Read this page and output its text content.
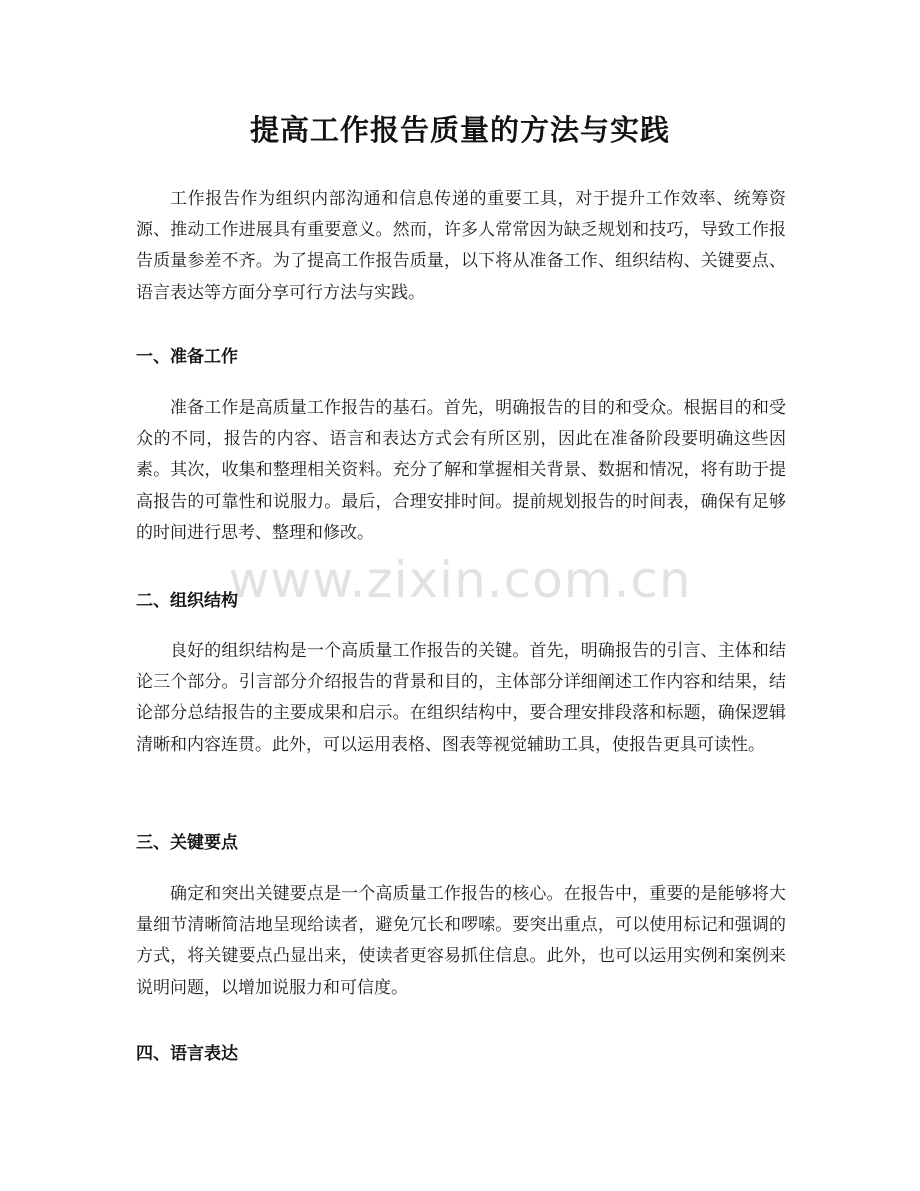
提高工作报告质量的方法与实践

工作报告作为组织内部沟通和信息传递的重要工具，对于提升工作效率、统筹资源、推动工作进展具有重要意义。然而，许多人常常因为缺乏规划和技巧，导致工作报告质量参差不齐。为了提高工作报告质量，以下将从准备工作、组织结构、关键要点、语言表达等方面分享可行方法与实践。

一、准备工作

准备工作是高质量工作报告的基石。首先，明确报告的目的和受众。根据目的和受众的不同，报告的内容、语言和表达方式会有所区别，因此在准备阶段要明确这些因素。其次，收集和整理相关资料。充分了解和掌握相关背景、数据和情况，将有助于提高报告的可靠性和说服力。最后，合理安排时间。提前规划报告的时间表，确保有足够的时间进行思考、整理和修改。

二、组织结构

良好的组织结构是一个高质量工作报告的关键。首先，明确报告的引言、主体和结论三个部分。引言部分介绍报告的背景和目的，主体部分详细阐述工作内容和结果，结论部分总结报告的主要成果和启示。在组织结构中，要合理安排段落和标题，确保逻辑清晰和内容连贯。此外，可以运用表格、图表等视觉辅助工具，使报告更具可读性。

三、关键要点

确定和突出关键要点是一个高质量工作报告的核心。在报告中，重要的是能够将大量细节清晰简洁地呈现给读者，避免冗长和啰嗦。要突出重点，可以使用标记和强调的方式，将关键要点凸显出来，使读者更容易抓住信息。此外，也可以运用实例和案例来说明问题，以增加说服力和可信度。

四、语言表达
www.zixin.com.cn
